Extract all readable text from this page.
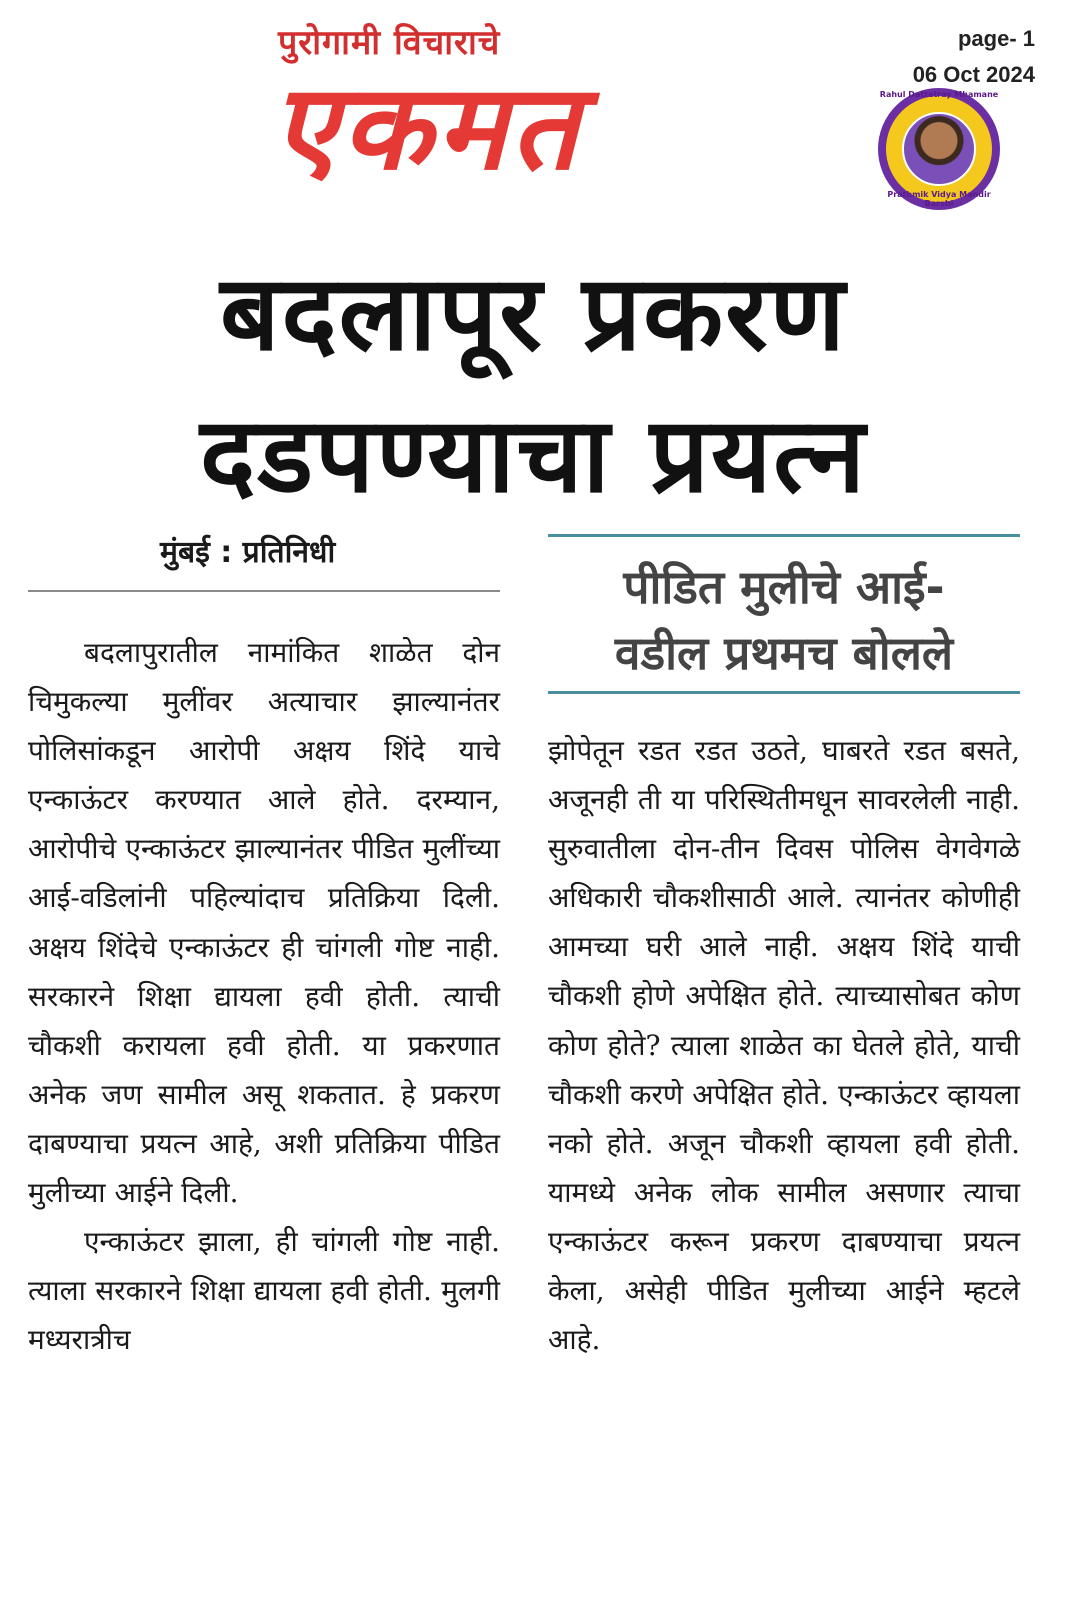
पुरोगामी विचाराचे
एकमत
page- 1
06 Oct 2024
Rahul Dattatray Mhamane
Prathmik Vidya Mandir Barshi
बदलापूर प्रकरण
दडपण्याचा प्रयत्न
मुंबई : प्रतिनिधी
पीडित मुलीचे आई-
वडील प्रथमच बोलले

बदलापुरातील नामांकित शाळेत दोन चिमुकल्या मुलींवर अत्याचार झाल्यानंतर पोलिसांकडून आरोपी अक्षय शिंदे याचे एन्काऊंटर करण्यात आले होते. दरम्यान, आरोपीचे एन्काऊंटर झाल्यानंतर पीडित मुलींच्या आई-वडिलांनी पहिल्यांदाच प्रतिक्रिया दिली. अक्षय शिंदेचे एन्काऊंटर ही चांगली गोष्ट नाही. सरकारने शिक्षा द्यायला हवी होती. त्याची चौकशी करायला हवी होती. या प्रकरणात अनेक जण सामील असू शकतात. हे प्रकरण दाबण्याचा प्रयत्न आहे, अशी प्रतिक्रिया पीडित मुलीच्या आईने दिली.

एन्काऊंटर झाला, ही चांगली गोष्ट नाही. त्याला सरकारने शिक्षा द्यायला हवी होती. मुलगी मध्यरात्रीच

झोपेतून रडत रडत उठते, घाबरते रडत बसते, अजूनही ती या परिस्थितीमधून सावरलेली नाही. सुरुवातीला दोन-तीन दिवस पोलिस वेगवेगळे अधिकारी चौकशीसाठी आले. त्यानंतर कोणीही आमच्या घरी आले नाही. अक्षय शिंदे याची चौकशी होणे अपेक्षित होते. त्याच्यासोबत कोण कोण होते? त्याला शाळेत का घेतले होते, याची चौकशी करणे अपेक्षित होते. एन्काऊंटर व्हायला नको होते. अजून चौकशी व्हायला हवी होती. यामध्ये अनेक लोक सामील असणार त्याचा एन्काऊंटर करून प्रकरण दाबण्याचा प्रयत्न केला, असेही पीडित मुलीच्या आईने म्हटले आहे.
